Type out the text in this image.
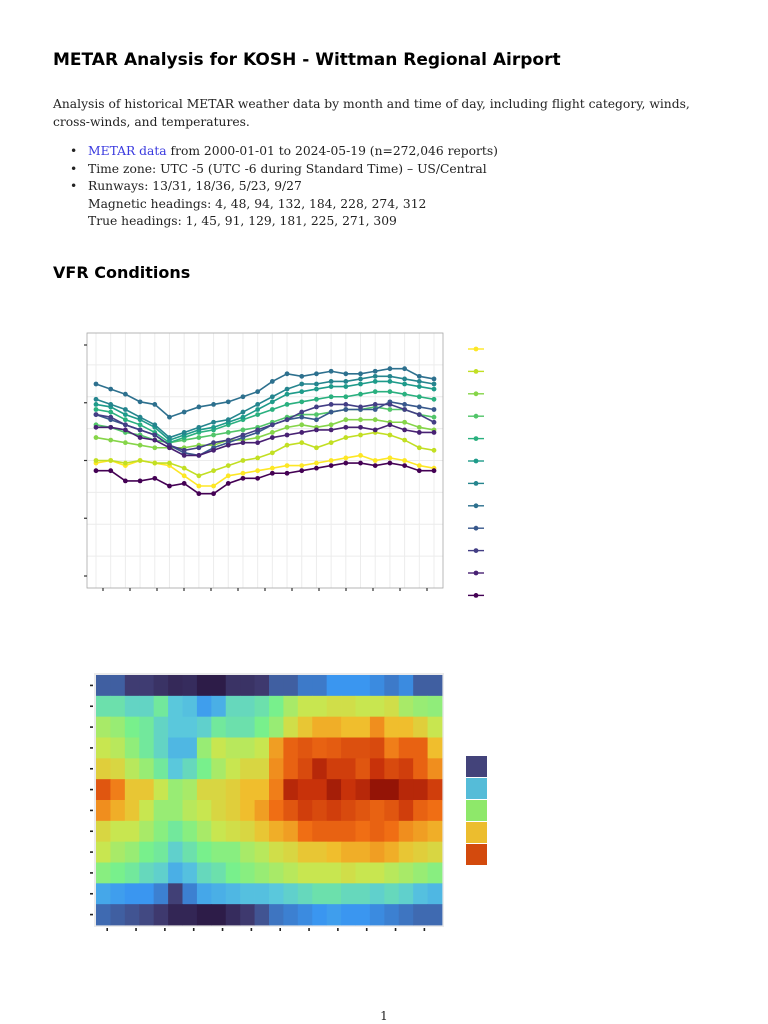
METAR Analysis for KOSH - Wittman Regional Airport

Analysis of historical METAR weather data by month and time of day, including flight category, winds, cross-winds, and temperatures.

• METAR data from 2000-01-01 to 2024-05-19 (n=272,046 reports)
• Time zone: UTC -5 (UTC -6 during Standard Time) – US/Central
• Runways: 13/31, 18/36, 5/23, 9/27
Magnetic headings: 4, 48, 94, 132, 184, 228, 274, 312
True headings: 1, 45, 91, 129, 181, 225, 271, 309
VFR Conditions
1
